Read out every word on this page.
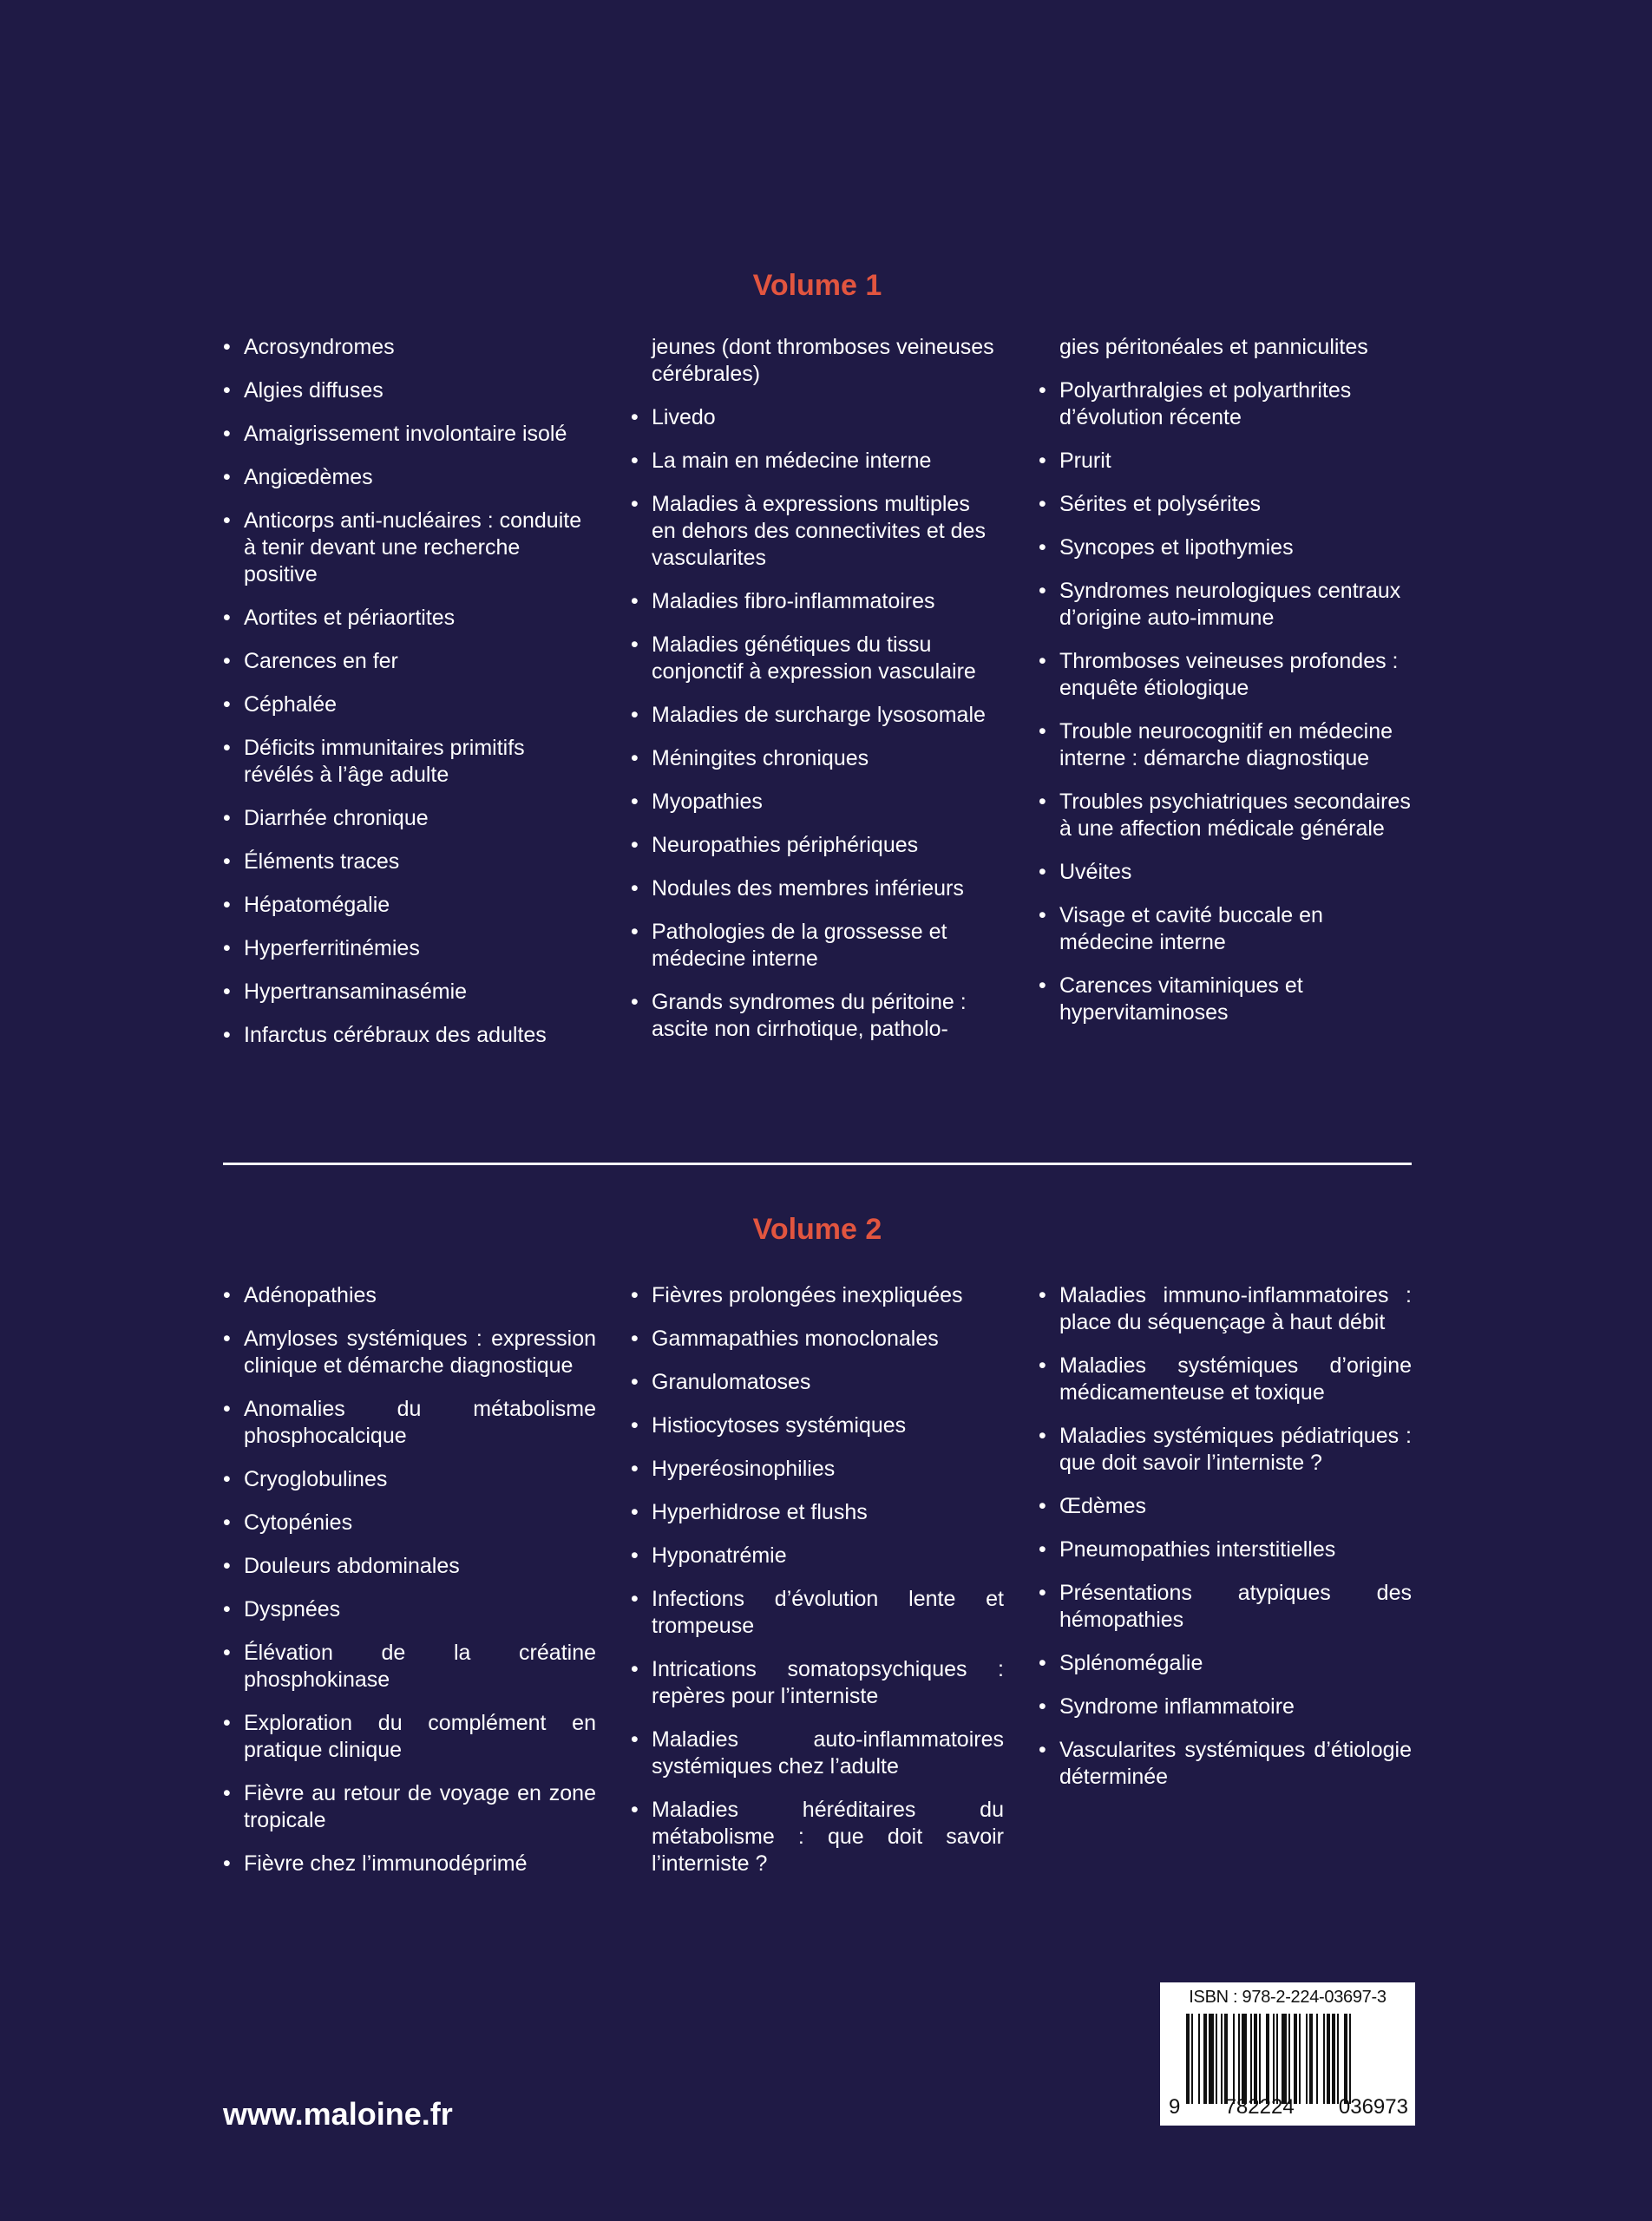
Volume 1
• Acrosyndromes
• Algies diffuses
• Amaigrissement involontaire isolé
• Angiœdèmes
• Anticorps anti-nucléaires : conduite à tenir devant une recherche positive
• Aortites et périaortites
• Carences en fer
• Céphalée
• Déficits immunitaires primitifs révélés à l’âge adulte
• Diarrhée chronique
• Éléments traces
• Hépatomégalie
• Hyperferritinémies
• Hypertransaminasémie
• Infarctus cérébraux des adultes
jeunes (dont thromboses veineuses cérébrales)
• Livedo
• La main en médecine interne
• Maladies à expressions multiples en dehors des connectivites et des vascularites
• Maladies fibro-inflammatoires
• Maladies génétiques du tissu conjonctif à expression vasculaire
• Maladies de surcharge lysosomale
• Méningites chroniques
• Myopathies
• Neuropathies périphériques
• Nodules des membres inférieurs
• Pathologies de la grossesse et médecine interne
• Grands syndromes du péritoine : ascite non cirrhotique, patholo-
gies péritonéales et panniculites
• Polyarthralgies et polyarthrites d’évolution récente
• Prurit
• Sérites et polysérites
• Syncopes et lipothymies
• Syndromes neurologiques centraux d’origine auto-immune
• Thromboses veineuses profondes : enquête étiologique
• Trouble neurocognitif en médecine interne : démarche diagnostique
• Troubles psychiatriques secondaires à une affection médicale générale
• Uvéites
• Visage et cavité buccale en médecine interne
• Carences vitaminiques et hypervitaminoses
Volume 2
• Adénopathies
• Amyloses systémiques : expression clinique et démarche diagnostique
• Anomalies du métabolisme phosphocalcique
• Cryoglobulines
• Cytopénies
• Douleurs abdominales
• Dyspnées
• Élévation de la créatine phosphokinase
• Exploration du complément en pratique clinique
• Fièvre au retour de voyage en zone tropicale
• Fièvre chez l’immunodéprimé
• Fièvres prolongées inexpliquées
• Gammapathies monoclonales
• Granulomatoses
• Histiocytoses systémiques
• Hyperéosinophilies
• Hyperhidrose et flushs
• Hyponatrémie
• Infections d’évolution lente et trompeuse
• Intrications somatopsychiques : repères pour l’interniste
• Maladies auto-inflammatoires systémiques chez l’adulte
• Maladies héréditaires du métabolisme : que doit savoir l’interniste ?
• Maladies immuno-inflammatoires : place du séquençage à haut débit
• Maladies systémiques d’origine médicamenteuse et toxique
• Maladies systémiques pédiatriques : que doit savoir l’interniste ?
• Œdèmes
• Pneumopathies interstitielles
• Présentations atypiques des hémopathies
• Splénomégalie
• Syndrome inflammatoire
• Vascularites systémiques d’étiologie déterminée

www.maloine.fr

ISBN : 978-2-224-03697-3

9 782224 036973
